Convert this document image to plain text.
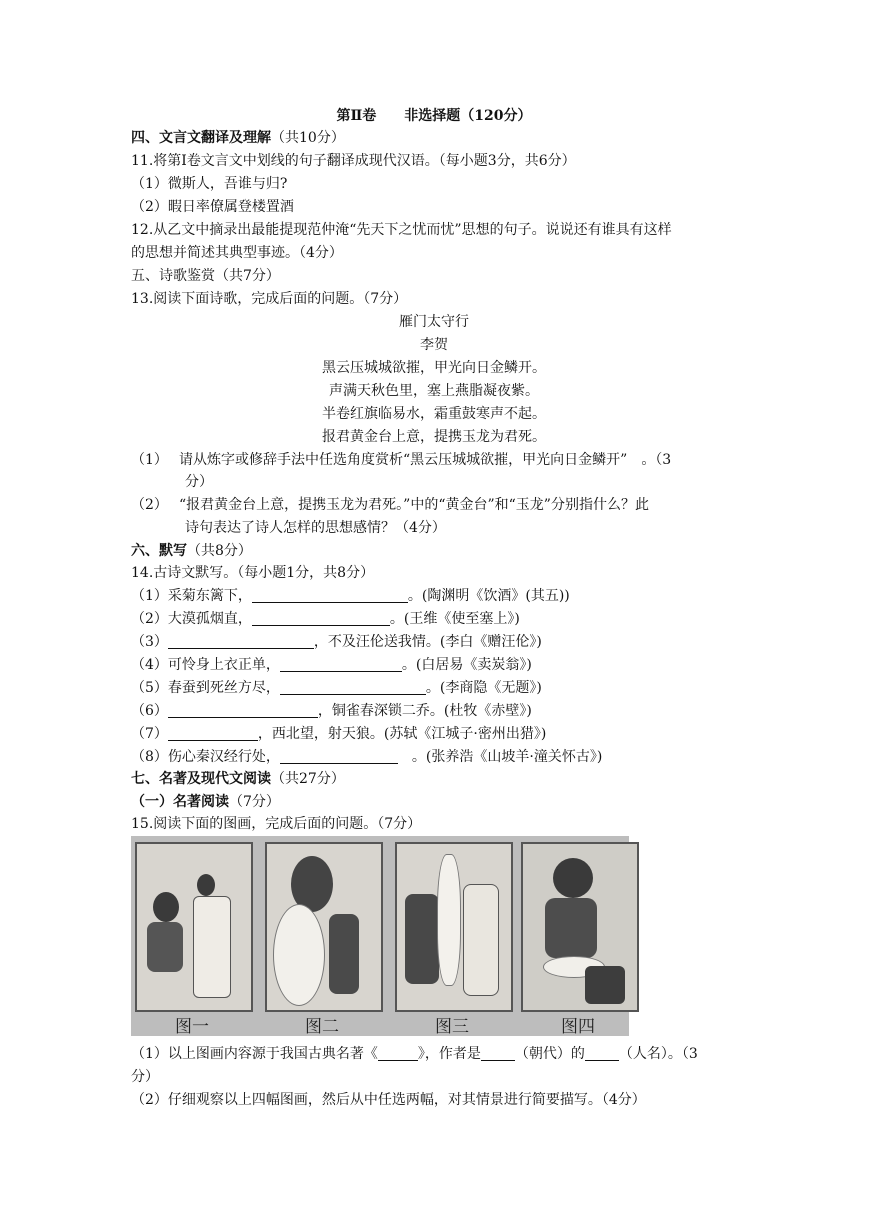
第Ⅱ卷　　非选择题（120分）
四、文言文翻译及理解（共10分）
11.将第Ⅰ卷文言文中划线的句子翻译成现代汉语。（每小题3分，共6分）
（1）微斯人，吾谁与归?
（2）暇日率僚属登楼置酒
12.从乙文中摘录出最能提现范仲淹“先天下之忧而忧”思想的句子。说说还有谁具有这样
的思想并简述其典型事迹。（4分）
五、诗歌鉴赏（共7分）
13.阅读下面诗歌，完成后面的问题。（7分）
雁门太守行
李贺
黑云压城城欲摧，甲光向日金鳞开。
声满天秋色里，塞上燕脂凝夜紫。
半卷红旗临易水，霜重鼓寒声不起。
报君黄金台上意，提携玉龙为君死。
（1） 请从炼字或修辞手法中任选角度赏析“黑云压城城欲摧，甲光向日金鳞开”　。（3
分）
（2） “报君黄金台上意，提携玉龙为君死。”中的“黄金台”和“玉龙”分别指什么？此
诗句表达了诗人怎样的思想感情？（4分）
六、默写（共8分）
14.古诗文默写。（每小题1分，共8分）
（1）采菊东篱下，	。(陶渊明《饮酒》(其五))
（2）大漠孤烟直，	。(王维《使至塞上》)
（3）	，不及汪伦送我情。(李白《赠汪伦》)
（4）可怜身上衣正单，	。(白居易《卖炭翁》)
（5）春蚕到死丝方尽，	。(李商隐《无题》)
（6）	，铜雀春深锁二乔。(杜牧《赤壁》)
（7）	，西北望，射天狼。(苏轼《江城子·密州出猎》)
（8）伤心秦汉经行处，	　。(张养浩《山坡羊·潼关怀古》)
七、名著及现代文阅读（共27分）
（一）名著阅读（7分）
15.阅读下面的图画，完成后面的问题。（7分）
图一	图二	图三	图四
（1）以上图画内容源于我国古典名著《	》，作者是 （朝代）的 （人名）。（3
分）
（2）仔细观察以上四幅图画，然后从中任选两幅，对其情景进行简要描写。（4分）
